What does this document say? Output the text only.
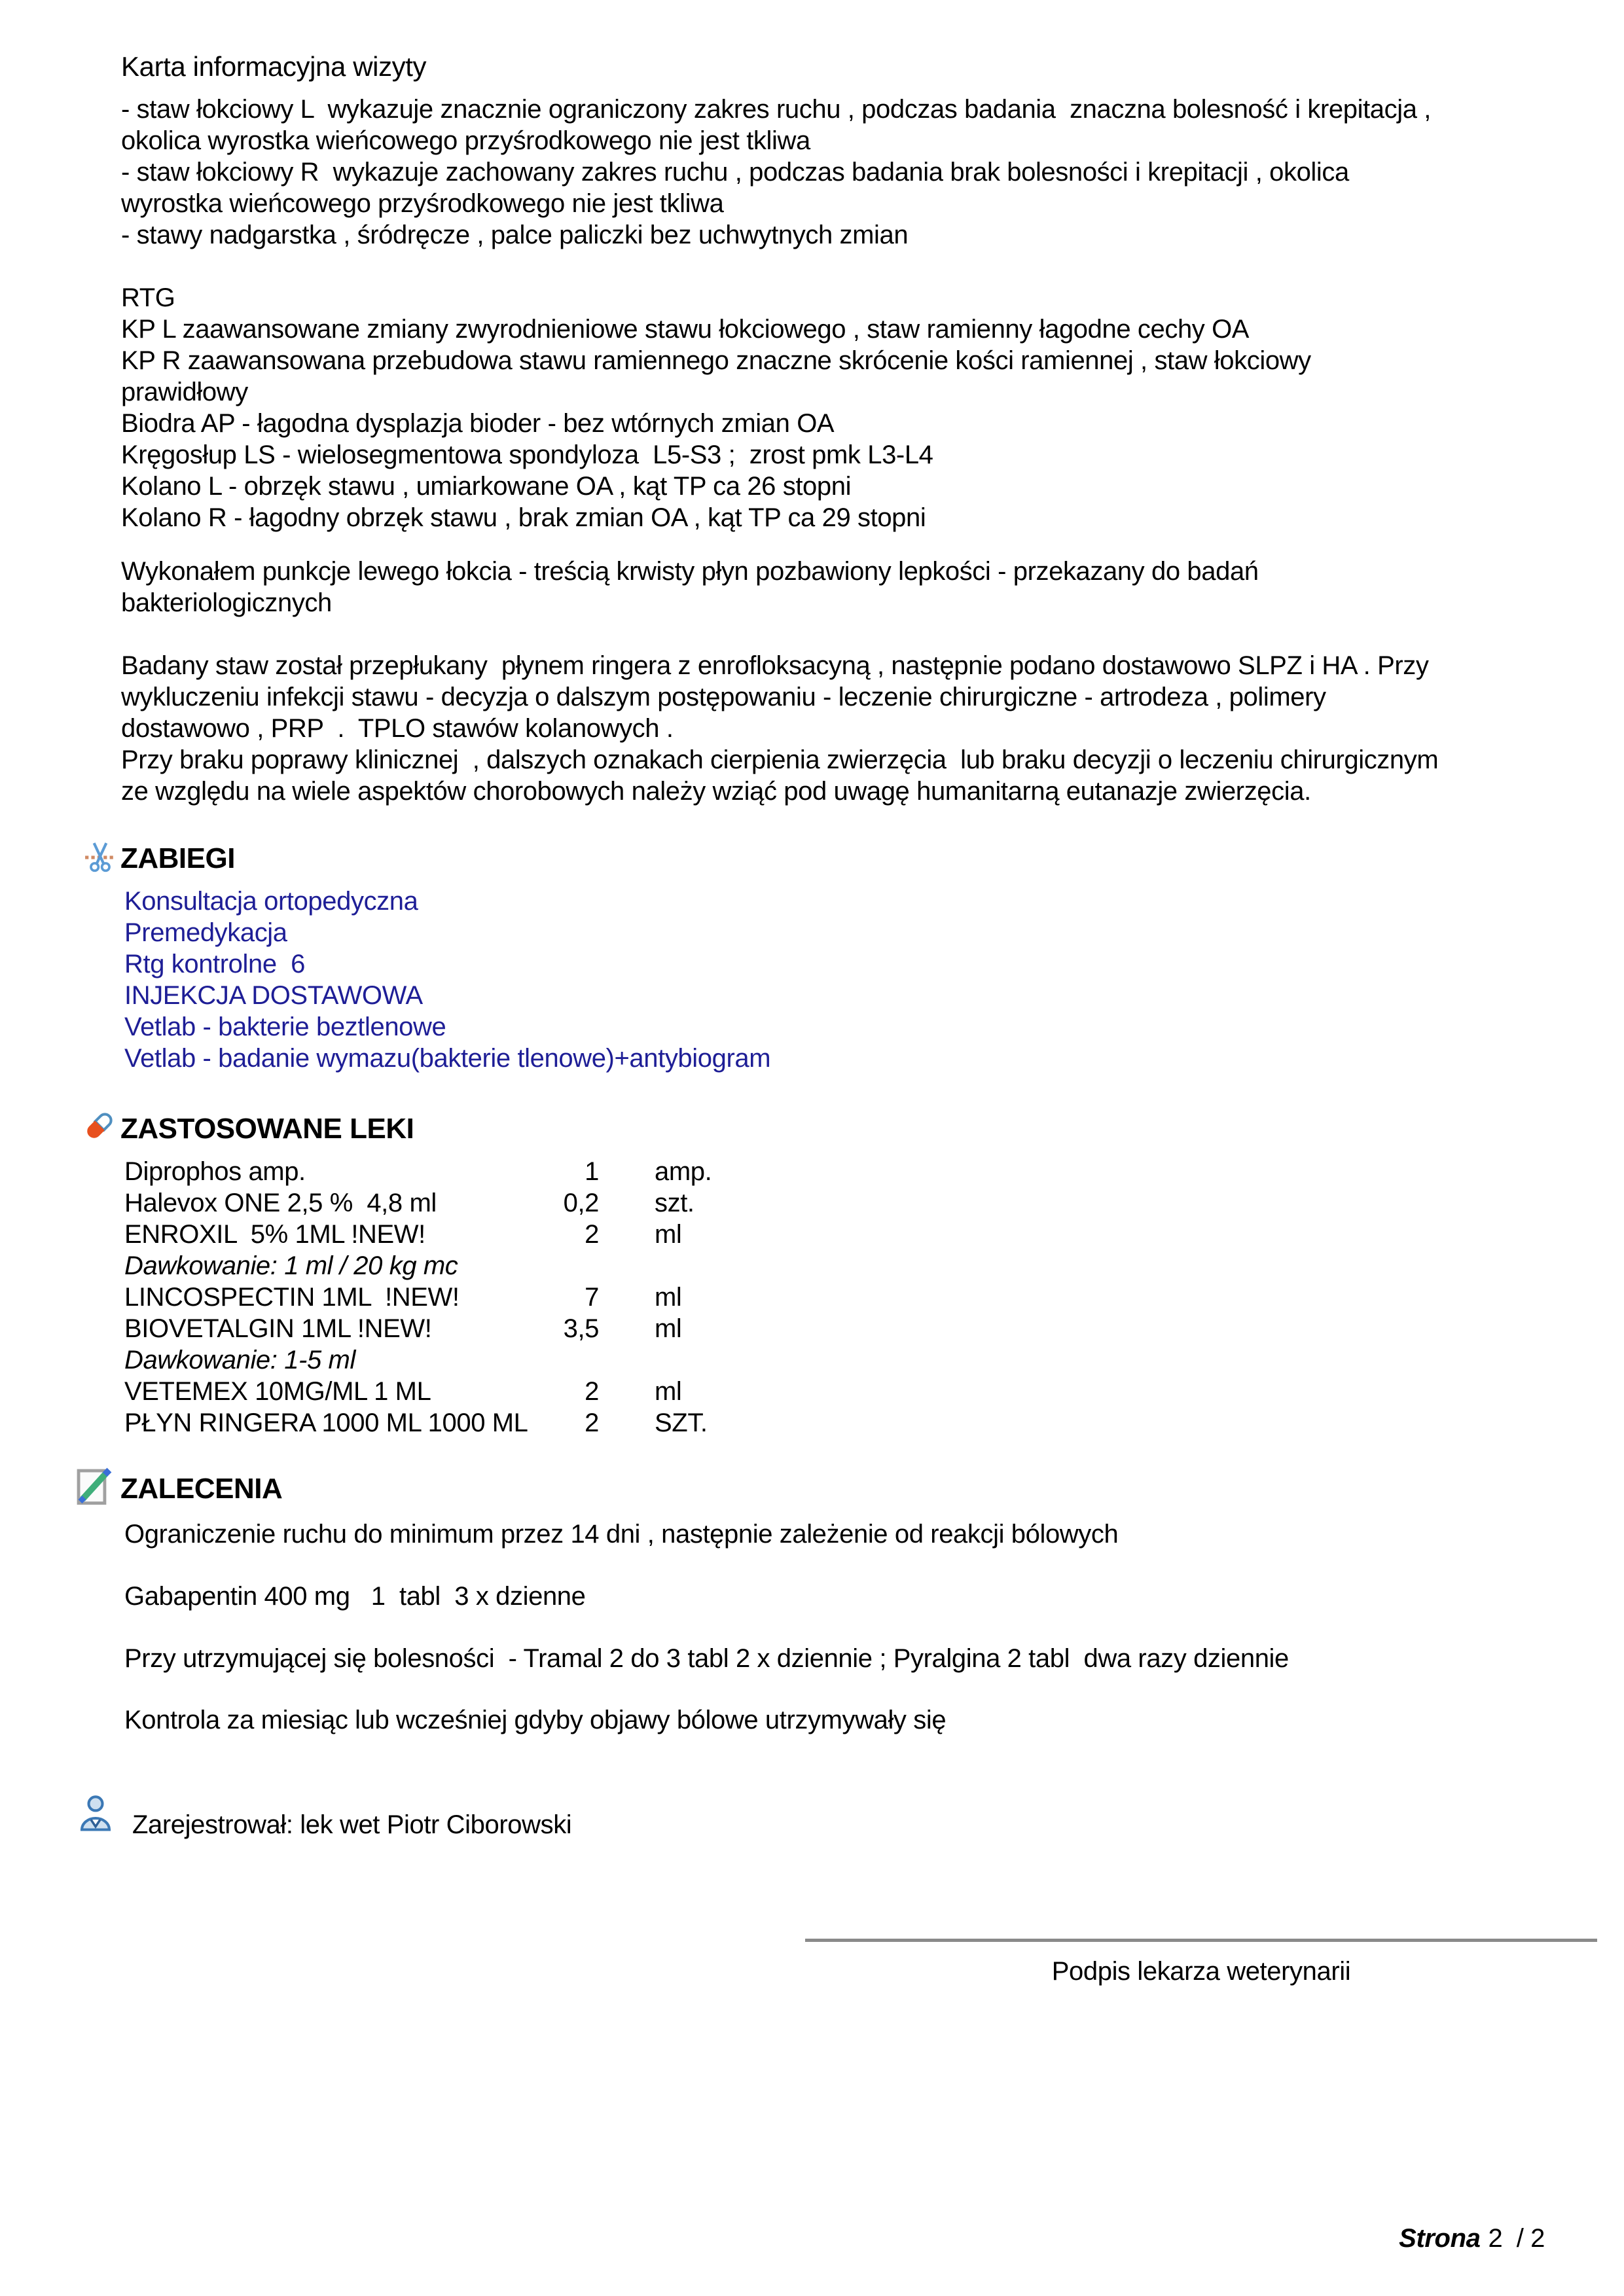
Karta informacyjna wizyty
- staw łokciowy L  wykazuje znacznie ograniczony zakres ruchu , podczas badania  znaczna bolesność i krepitacja ,
okolica wyrostka wieńcowego przyśrodkowego nie jest tkliwa
- staw łokciowy R  wykazuje zachowany zakres ruchu , podczas badania brak bolesności i krepitacji , okolica
wyrostka wieńcowego przyśrodkowego nie jest tkliwa
- stawy nadgarstka , śródręcze , palce paliczki bez uchwytnych zmian
RTG
KP L zaawansowane zmiany zwyrodnieniowe stawu łokciowego , staw ramienny łagodne cechy OA
KP R zaawansowana przebudowa stawu ramiennego znaczne skrócenie kości ramiennej , staw łokciowy
prawidłowy
Biodra AP - łagodna dysplazja bioder - bez wtórnych zmian OA
Kręgosłup LS - wielosegmentowa spondyloza  L5-S3 ;  zrost pmk L3-L4
Kolano L - obrzęk stawu , umiarkowane OA , kąt TP ca 26 stopni
Kolano R - łagodny obrzęk stawu , brak zmian OA , kąt TP ca 29 stopni
Wykonałem punkcje lewego łokcia - treścią krwisty płyn pozbawiony lepkości - przekazany do badań
bakteriologicznych
Badany staw został przepłukany  płynem ringera z enrofloksacyną , następnie podano dostawowo SLPZ i HA . Przy
wykluczeniu infekcji stawu - decyzja o dalszym postępowaniu - leczenie chirurgiczne - artrodeza , polimery
dostawowo , PRP  .  TPLO stawów kolanowych .
Przy braku poprawy klinicznej  , dalszych oznakach cierpienia zwierzęcia  lub braku decyzji o leczeniu chirurgicznym
ze względu na wiele aspektów chorobowych należy wziąć pod uwagę humanitarną eutanazje zwierzęcia.
ZABIEGI
Konsultacja ortopedyczna
Premedykacja
Rtg kontrolne  6
INJEKCJA DOSTAWOWA
Vetlab - bakterie beztlenowe
Vetlab - badanie wymazu(bakterie tlenowe)+antybiogram
ZASTOSOWANE LEKI
Diprophos amp.	1 amp.
Halevox ONE 2,5 %  4,8 ml	0,2 szt.
ENROXIL  5% 1ML !NEW!	2 ml
Dawkowanie: 1 ml / 20 kg mc
LINCOSPECTIN 1ML  !NEW!	7 ml
BIOVETALGIN 1ML !NEW!	3,5 ml
Dawkowanie: 1-5 ml
VETEMEX 10MG/ML 1 ML	2 ml
PŁYN RINGERA 1000 ML 1000 ML	2 SZT.
ZALECENIA
Ograniczenie ruchu do minimum przez 14 dni , następnie zależenie od reakcji bólowych
Gabapentin 400 mg   1  tabl  3 x dzienne
Przy utrzymującej się bolesności  - Tramal 2 do 3 tabl 2 x dziennie ; Pyralgina 2 tabl  dwa razy dziennie
Kontrola za miesiąc lub wcześniej gdyby objawy bólowe utrzymywały się
Zarejestrował: lek wet Piotr Ciborowski
Podpis lekarza weterynarii

Strona 2  / 2
